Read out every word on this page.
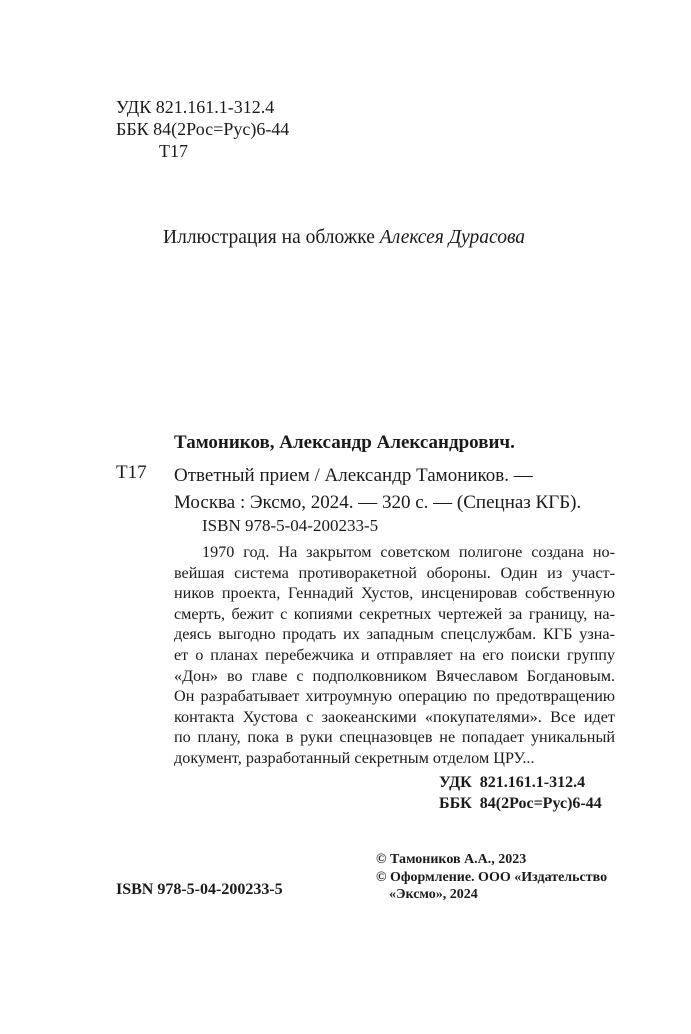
УДК 821.161.1-312.4
ББК 84(2Рос=Рус)6-44
Т17
Иллюстрация на обложке Алексея Дурасова
Тамоников, Александр Александрович.
Т17 Ответный прием / Александр Тамоников. —
Москва : Эксмо, 2024. — 320 с. — (Спецназ КГБ).
ISBN 978-5-04-200233-5
1970 год. На закрытом советском полигоне создана но-
вейшая система противоракетной обороны. Один из участ-
ников проекта, Геннадий Хустов, инсценировав собственную
смерть, бежит с копиями секретных чертежей за границу, на-
деясь выгодно продать их западным спецслужбам. КГБ узна-
ет о планах перебежчика и отправляет на его поиски группу
«Дон» во главе с подполковником Вячеславом Богдановым.
Он разрабатывает хитроумную операцию по предотвращению
контакта Хустова с заокеанскими «покупателями». Все идет
по плану, пока в руки спецназовцев не попадает уникальный
документ, разработанный секретным отделом ЦРУ...
УДК  821.161.1-312.4
ББК  84(2Рос=Рус)6-44
© Тамоников А.А., 2023
© Оформление. ООО «Издательство
«Эксмо», 2024
ISBN 978-5-04-200233-5
